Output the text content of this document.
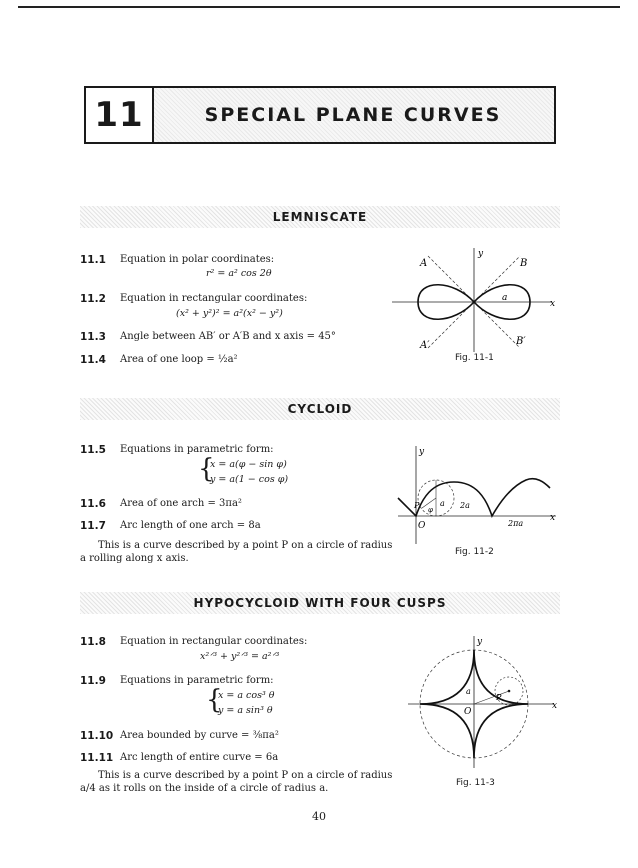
11	SPECIAL PLANE CURVES
LEMNISCATE
11.1 Equation in polar coordinates:
r² = a² cos 2θ
11.2 Equation in rectangular coordinates:
(x² + y²)² = a²(x² − y²)
11.3 Angle between AB′ or A′B and x axis = 45°
11.4 Area of one loop = ½a²
A	B
A′	B′
a
x
y
Fig. 11-1
CYCLOID
11.5 Equations in parametric form:
{
x = a(φ − sin φ)
y = a(1 − cos φ)
11.6 Area of one arch = 3πa²
11.7 Arc length of one arch = 8a
This is a curve described by a point P on a circle of radius
a rolling along x axis.
x
y
O	2πa
2a
P	a
φ
Fig. 11-2
HYPOCYCLOID WITH FOUR CUSPS
11.8 Equation in rectangular coordinates:
x²ᐟ³ + y²ᐟ³ = a²ᐟ³
11.9 Equations in parametric form:
{
x = a cos³ θ
y = a sin³ θ
11.10 Area bounded by curve = ⅜πa²
11.11 Arc length of entire curve = 6a
This is a curve described by a point P on a circle of radius
a/4 as it rolls on the inside of a circle of radius a.
x
y
O
a
P
Fig. 11-3
40
